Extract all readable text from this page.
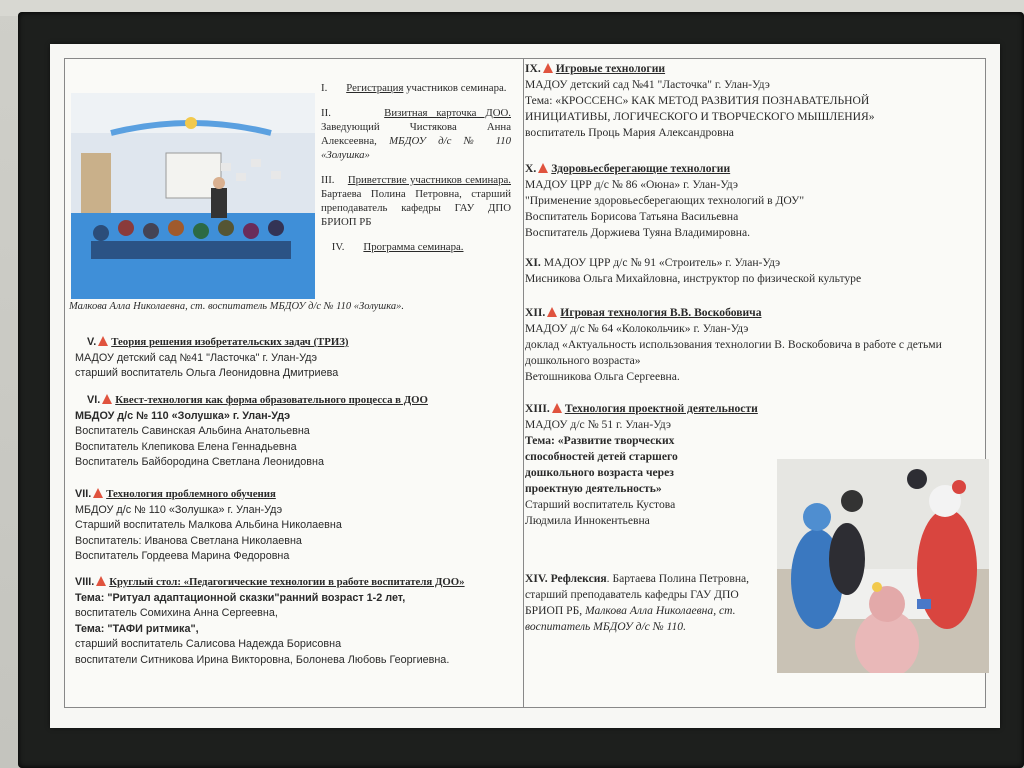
Малкова Алла Николаевна, ст. воспитатель МБДОУ д/с № 110 «Золушка».

I. Регистрация участников семинара.

II.	Визитная карточка ДОО. Заведующий Чистякова Анна Алексеевна, МБДОУ д/с № 110 «Золушка»

III. Приветствие участников семинара. Бартаева Полина Петровна, старший преподаватель кафедры ГАУ ДПО БРИОП РБ

IV. Программа семинара.

V. Теория решения изобретательских задач (ТРИЗ)
МАДОУ детский сад №41 "Ласточка" г. Улан-Удэ
старший воспитатель Ольга Леонидовна Дмитриева
VI. Квест-технология как форма образовательного процесса в ДОО
МБДОУ д/с № 110 «Золушка» г. Улан-Удэ
Воспитатель Савинская Альбина Анатольевна
Воспитатель Клепикова Елена Геннадьевна
Воспитатель Байбородина Светлана Леонидовна
VII. Технология проблемного обучения
МБДОУ д/с № 110 «Золушка» г. Улан-Удэ
Старший воспитатель Малкова Альбина Николаевна
Воспитатель: Иванова Светлана Николаевна
Воспитатель Гордеева Марина Федоровна
VIII. Круглый стол: «Педагогические технологии в работе воспитателя ДОО»
Тема: "Ритуал адаптационной сказки"ранний возраст 1-2 лет,
воспитатель Сомихина Анна Сергеевна,
Тема: "ТАФИ ритмика",
старший воспитатель Салисова Надежда Борисовна
воспитатели Ситникова Ирина Викторовна, Болонева Любовь Георгиевна.
IX. Игровые технологии
МАДОУ детский сад №41 "Ласточка" г. Улан-Удэ
Тема: «КРОССЕНС» КАК МЕТОД РАЗВИТИЯ ПОЗНАВАТЕЛЬНОЙ ИНИЦИАТИВЫ, ЛОГИЧЕСКОГО И ТВОРЧЕСКОГО МЫШЛЕНИЯ»
воспитатель Проць Мария Александровна
X. Здоровьесберегающие технологии
МАДОУ ЦРР д/с № 86 «Оюна» г. Улан-Удэ
"Применение здоровьесберегающих технологий в ДОУ"
Воспитатель Борисова Татьяна Васильевна
Воспитатель Доржиева Туяна Владимировна.
XI. МАДОУ ЦРР д/с № 91 «Строитель» г. Улан-Удэ
Мисникова Ольга Михайловна, инструктор по физической культуре
XII. Игровая технология В.В. Воскобовича
МАДОУ д/с № 64 «Колокольчик» г. Улан-Удэ
доклад «Актуальность использования технологии В. Воскобовича в работе с детьми дошкольного возраста»
Ветошникова Ольга Сергеевна.
XIII. Технология проектной деятельности
МАДОУ д/с № 51 г. Улан-Удэ
Тема: «Развитие творческих способностей детей старшего дошкольного возраста через проектную деятельность»
Старший воспитатель Кустова
Людмила Иннокентьевна
XIV. Рефлексия. Бартаева Полина Петровна, старший преподаватель кафедры ГАУ ДПО БРИОП РБ, Малкова Алла Николаевна, ст. воспитатель МБДОУ д/с № 110.
